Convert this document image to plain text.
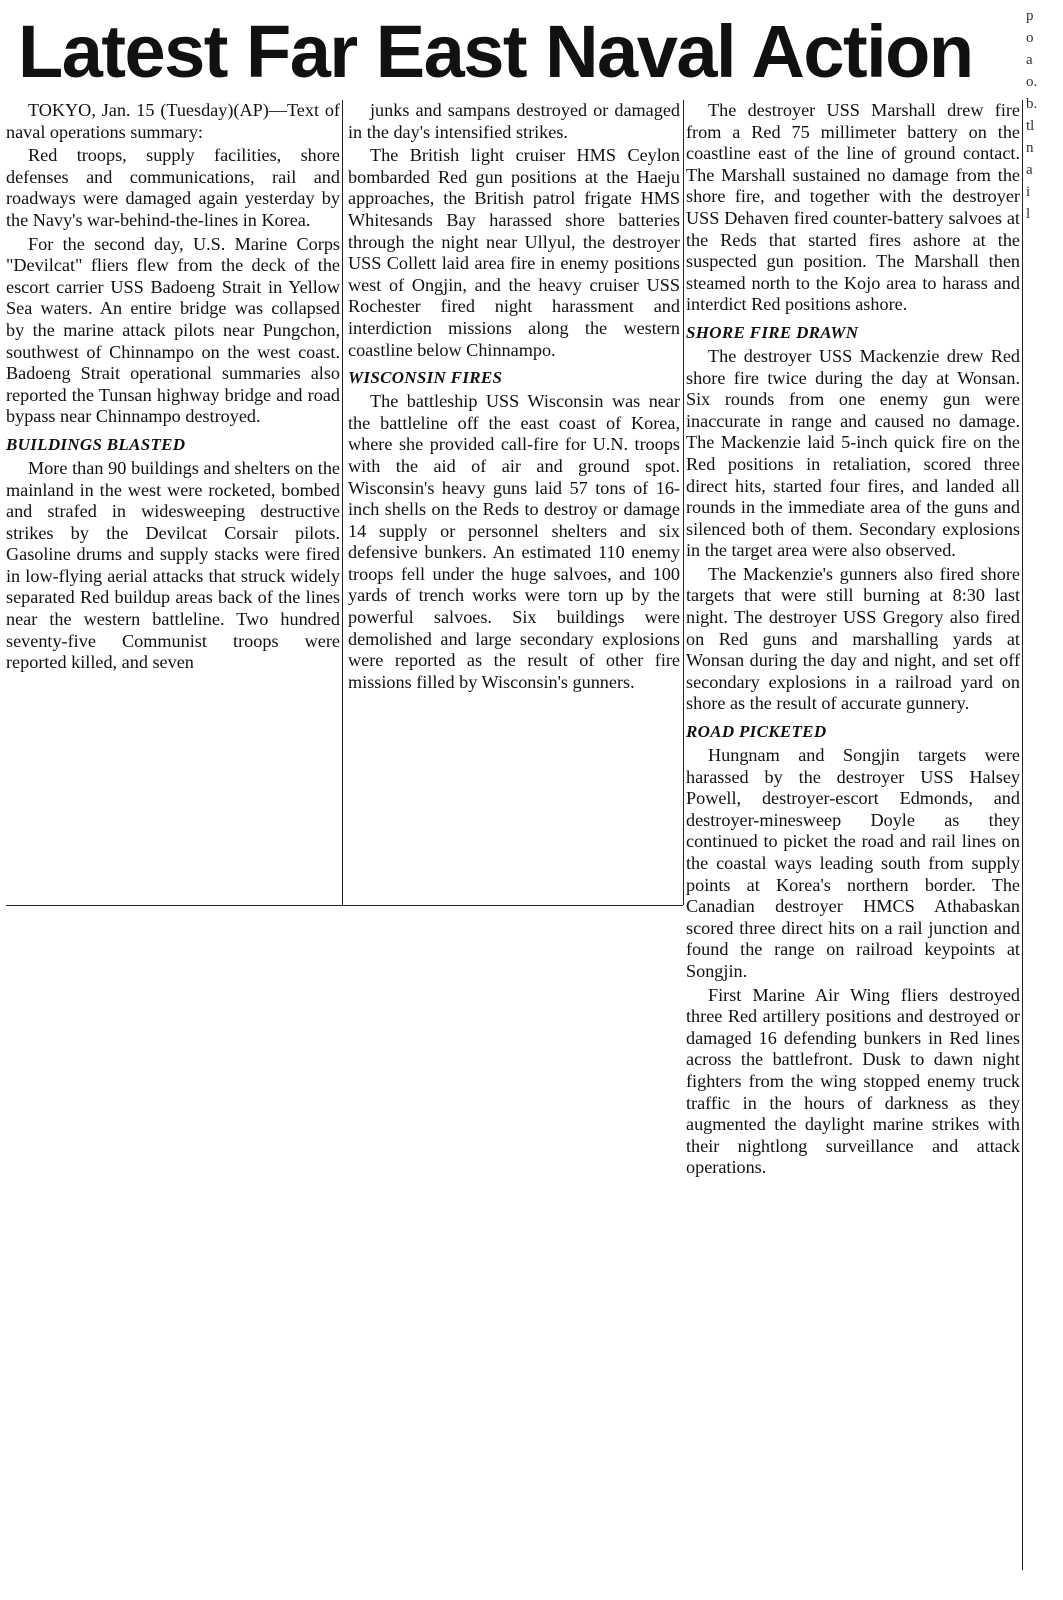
Latest Far East Naval Action

TOKYO, Jan. 15 (Tuesday)(AP)—Text of naval operations summary:

Red troops, supply facilities, shore defenses and communications, rail and roadways were damaged again yesterday by the Navy's war-behind-the-lines in Korea.

For the second day, U.S. Marine Corps "Devilcat" fliers flew from the deck of the escort carrier USS Badoeng Strait in Yellow Sea waters. An entire bridge was collapsed by the marine attack pilots near Pungchon, southwest of Chinnampo on the west coast. Badoeng Strait operational summaries also reported the Tunsan highway bridge and road bypass near Chinnampo destroyed.

BUILDINGS BLASTED

More than 90 buildings and shelters on the mainland in the west were rocketed, bombed and strafed in widesweeping destructive strikes by the Devilcat Corsair pilots. Gasoline drums and supply stacks were fired in low-flying aerial attacks that struck widely separated Red buildup areas back of the lines near the western battleline. Two hundred seventy-five Communist troops were reported killed, and seven

junks and sampans destroyed or damaged in the day's intensified strikes.

The British light cruiser HMS Ceylon bombarded Red gun positions at the Haeju approaches, the British patrol frigate HMS Whitesands Bay harassed shore batteries through the night near Ullyul, the destroyer USS Collett laid area fire in enemy positions west of Ongjin, and the heavy cruiser USS Rochester fired night harassment and interdiction missions along the western coastline below Chinnampo.

WISCONSIN FIRES

The battleship USS Wisconsin was near the battleline off the east coast of Korea, where she provided call-fire for U.N. troops with the aid of air and ground spot. Wisconsin's heavy guns laid 57 tons of 16-inch shells on the Reds to destroy or damage 14 supply or personnel shelters and six defensive bunkers. An estimated 110 enemy troops fell under the huge salvoes, and 100 yards of trench works were torn up by the powerful salvoes. Six buildings were demolished and large secondary explosions were reported as the result of other fire missions filled by Wisconsin's gunners.

The destroyer USS Marshall drew fire from a Red 75 millimeter battery on the coastline east of the line of ground contact. The Marshall sustained no damage from the shore fire, and together with the destroyer USS Dehaven fired counter-battery salvoes at the Reds that started fires ashore at the suspected gun position. The Marshall then steamed north to the Kojo area to harass and interdict Red positions ashore.

SHORE FIRE DRAWN

The destroyer USS Mackenzie drew Red shore fire twice during the day at Wonsan. Six rounds from one enemy gun were inaccurate in range and caused no damage. The Mackenzie laid 5-inch quick fire on the Red positions in retaliation, scored three direct hits, started four fires, and landed all rounds in the immediate area of the guns and silenced both of them. Secondary explosions in the target area were also observed.

The Mackenzie's gunners also fired shore targets that were still burning at 8:30 last night. The destroyer USS Gregory also fired on Red guns and marshalling yards at Wonsan during the day and night, and set off secondary explosions in a railroad yard on shore as the result of accurate gunnery.

ROAD PICKETED

Hungnam and Songjin targets were harassed by the destroyer USS Halsey Powell, destroyer-escort Edmonds, and destroyer-minesweep Doyle as they continued to picket the road and rail lines on the coastal ways leading south from supply points at Korea's northern border. The Canadian destroyer HMCS Athabaskan scored three direct hits on a rail junction and found the range on railroad keypoints at Songjin.

First Marine Air Wing fliers destroyed three Red artillery positions and destroyed or damaged 16 defending bunkers in Red lines across the battlefront. Dusk to dawn night fighters from the wing stopped enemy truck traffic in the hours of darkness as they augmented the daylight marine strikes with their nightlong surveillance and attack operations.

p
o
a
o.
b.
tl
n
a
i
l
